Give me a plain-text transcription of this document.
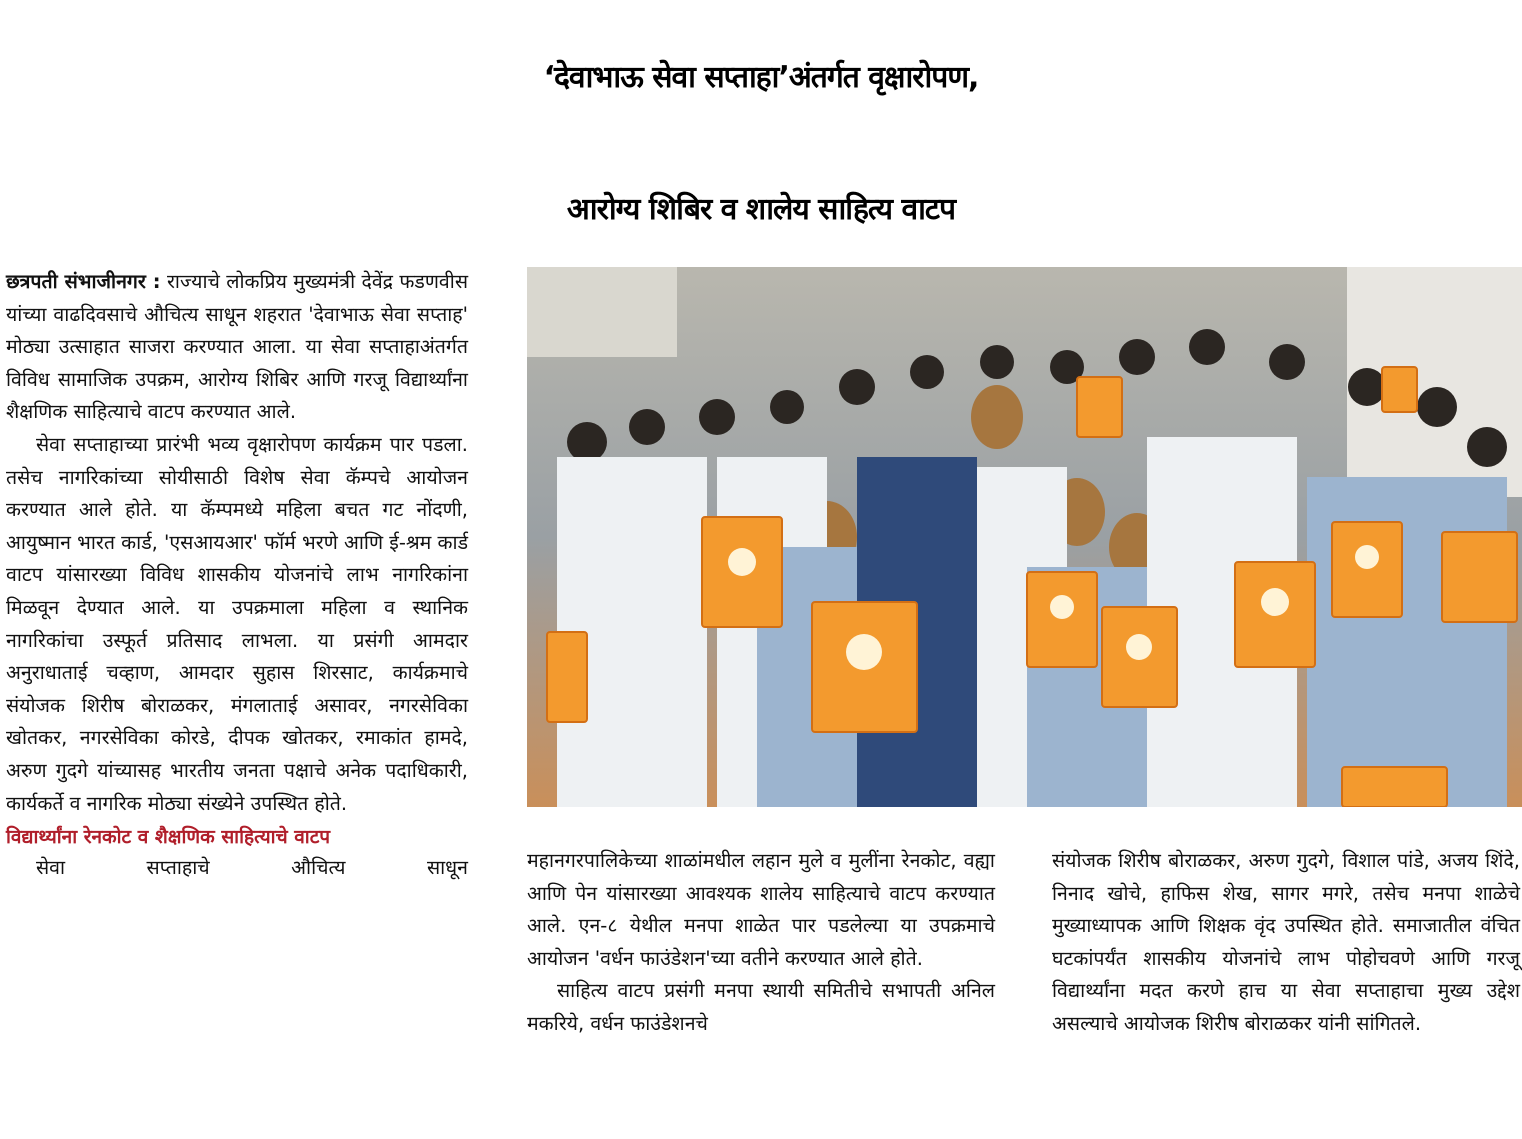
‘देवाभाऊ सेवा सप्ताहा’अंतर्गत वृक्षारोपण,
आरोग्य शिबिर व शालेय साहित्य वाटप

छत्रपती संभाजीनगर : राज्याचे लोकप्रिय मुख्यमंत्री देवेंद्र फडणवीस यांच्या वाढदिवसाचे औचित्य साधून शहरात 'देवाभाऊ सेवा सप्ताह' मोठ्या उत्साहात साजरा करण्यात आला. या सेवा सप्ताहाअंतर्गत विविध सामाजिक उपक्रम, आरोग्य शिबिर आणि गरजू विद्यार्थ्यांना शैक्षणिक साहित्याचे वाटप करण्यात आले.

सेवा सप्ताहाच्या प्रारंभी भव्य वृक्षारोपण कार्यक्रम पार पडला. तसेच नागरिकांच्या सोयीसाठी विशेष सेवा कॅम्पचे आयोजन करण्यात आले होते. या कॅम्पमध्ये महिला बचत गट नोंदणी, आयुष्मान भारत कार्ड, 'एसआयआर' फॉर्म भरणे आणि ई-श्रम कार्ड वाटप यांसारख्या विविध शासकीय योजनांचे लाभ नागरिकांना मिळवून देण्यात आले. या उपक्रमाला महिला व स्थानिक नागरिकांचा उस्फूर्त प्रतिसाद लाभला. या प्रसंगी आमदार अनुराधाताई चव्हाण, आमदार सुहास शिरसाट, कार्यक्रमाचे संयोजक शिरीष बोराळकर, मंगलाताई असावर, नगरसेविका खोतकर, नगरसेविका कोरडे, दीपक खोतकर, रमाकांत हामदे, अरुण गुदगे यांच्यासह भारतीय जनता पक्षाचे अनेक पदाधिकारी, कार्यकर्ते व नागरिक मोठ्या संख्येने उपस्थित होते.

विद्यार्थ्यांना रेनकोट व शैक्षणिक साहित्याचे वाटप

सेवा सप्ताहाचे औचित्य साधून	महानगरपालिकेच्या शाळांमधील लहान मुले व मुलींना रेनकोट, वह्या आणि पेन यांसारख्या आवश्यक शालेय साहित्याचे वाटप करण्यात आले. एन-८ येथील मनपा शाळेत पार पडलेल्या या उपक्रमाचे आयोजन 'वर्धन फाउंडेशन'च्या वतीने करण्यात आले होते.

साहित्य वाटप प्रसंगी मनपा स्थायी समितीचे सभापती अनिल मकरिये, वर्धन फाउंडेशनचे

संयोजक शिरीष बोराळकर, अरुण गुदगे, विशाल पांडे, अजय शिंदे, निनाद खोचे, हाफिस शेख, सागर मगरे, तसेच मनपा शाळेचे मुख्याध्यापक आणि शिक्षक वृंद उपस्थित होते. समाजातील वंचित घटकांपर्यंत शासकीय योजनांचे लाभ पोहोचवणे आणि गरजू विद्यार्थ्यांना मदत करणे हाच या सेवा सप्ताहाचा मुख्य उद्देश असल्याचे आयोजक शिरीष बोराळकर यांनी सांगितले.
